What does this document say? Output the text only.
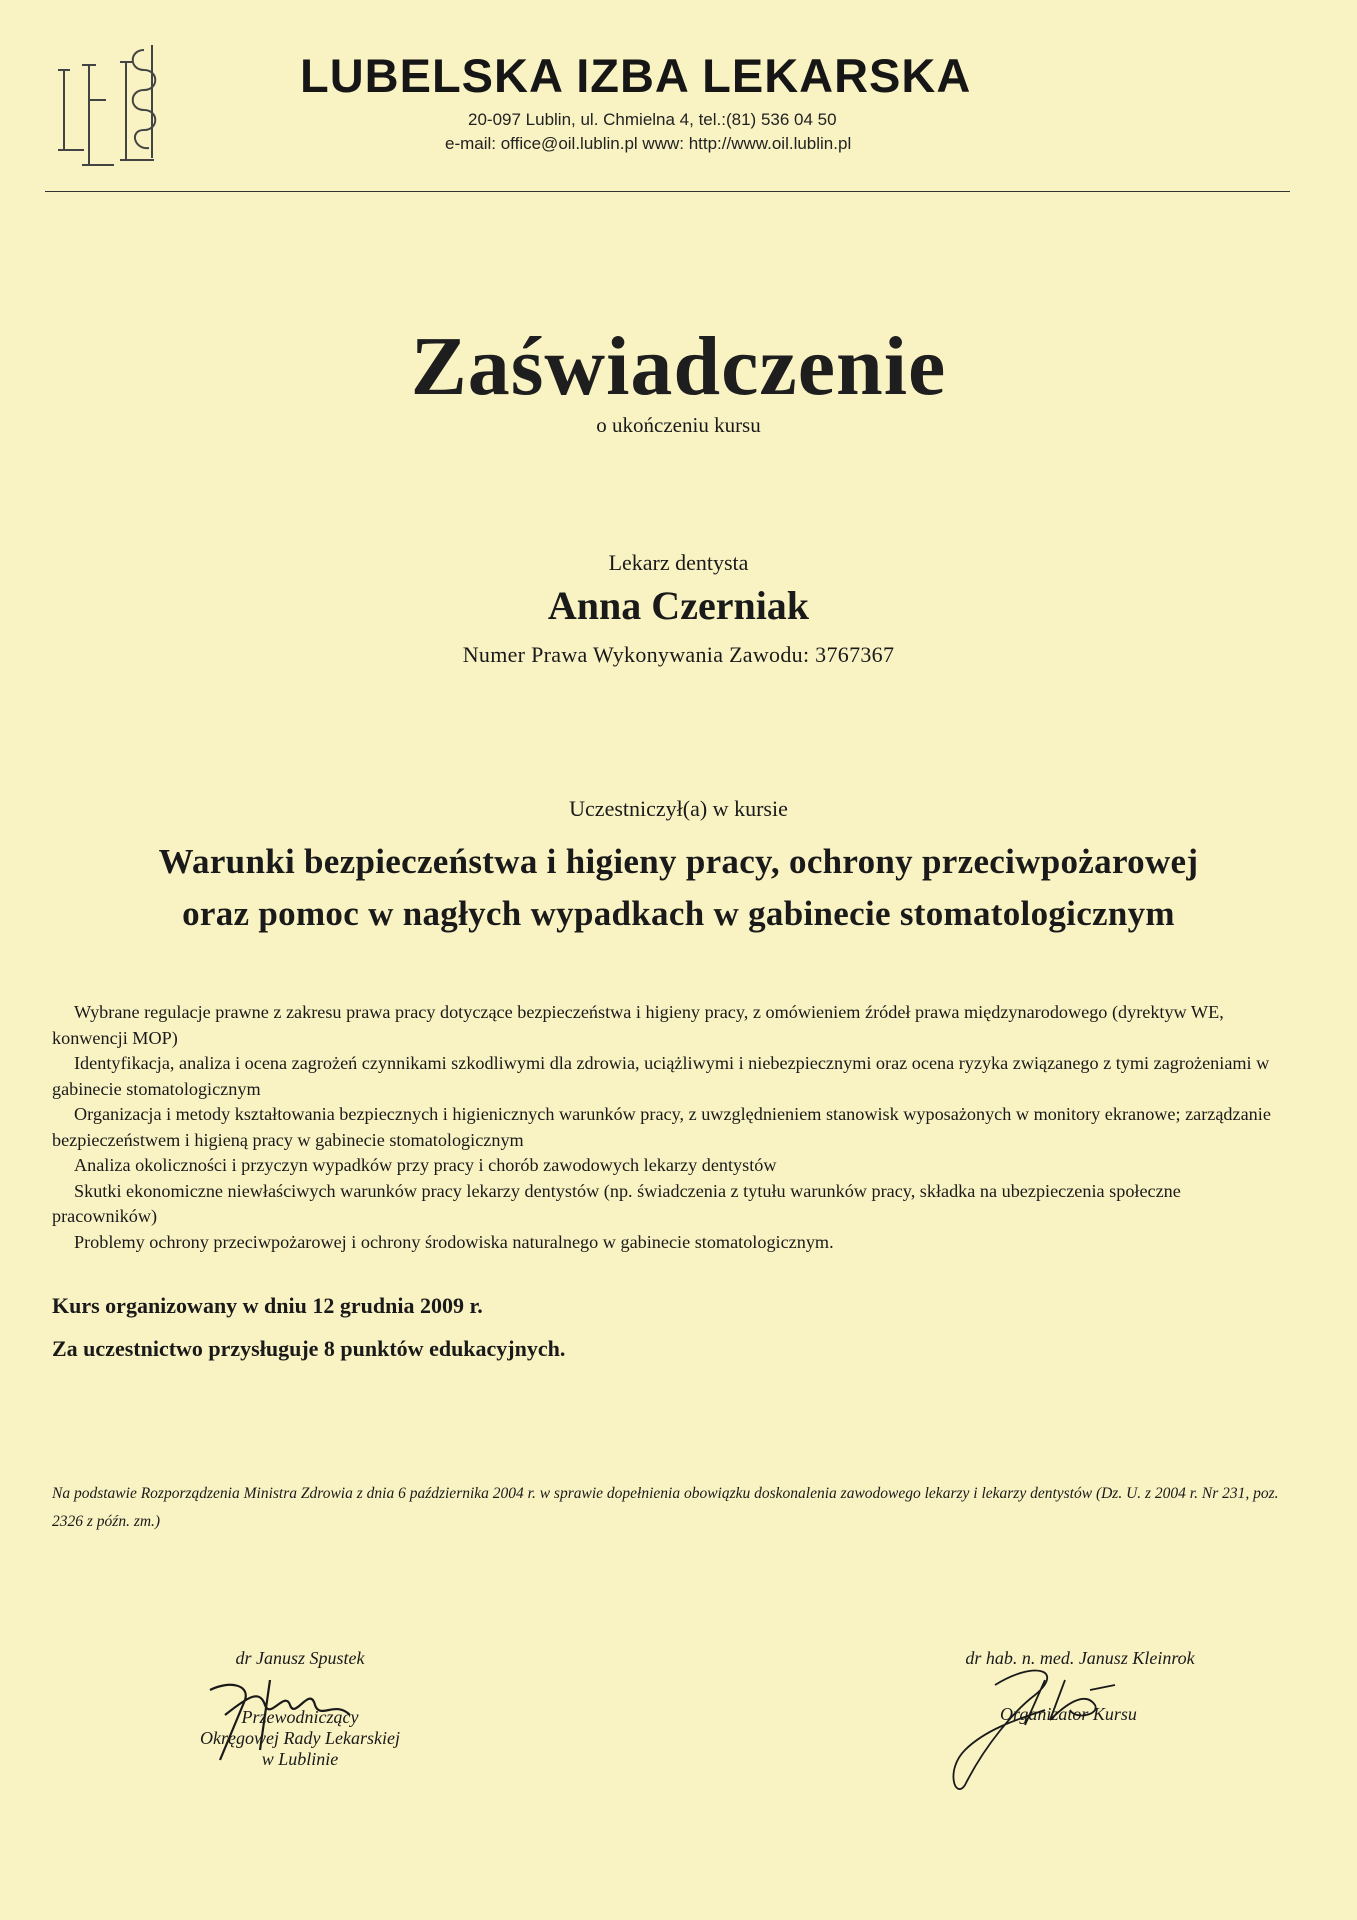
LUBELSKA IZBA LEKARSKA
20-097 Lublin, ul. Chmielna 4, tel.:(81) 536 04 50
e-mail: office@oil.lublin.pl www: http://www.oil.lublin.pl
Zaświadczenie
o ukończeniu kursu
Lekarz dentysta
Anna Czerniak
Numer Prawa Wykonywania Zawodu: 3767367
Uczestniczył(a) w kursie
Warunki bezpieczeństwa i higieny pracy, ochrony przeciwpożarowej
oraz pomoc w nagłych wypadkach w gabinecie stomatologicznym

Wybrane regulacje prawne z zakresu prawa pracy dotyczące bezpieczeństwa i higieny pracy, z omówieniem źródeł prawa międzynarodowego (dyrektyw WE, konwencji MOP)

Identyfikacja, analiza i ocena zagrożeń czynnikami szkodliwymi dla zdrowia, uciążliwymi i niebezpiecznymi oraz ocena ryzyka związanego z tymi zagrożeniami w gabinecie stomatologicznym

Organizacja i metody kształtowania bezpiecznych i higienicznych warunków pracy, z uwzględnieniem stanowisk wyposażonych w monitory ekranowe; zarządzanie bezpieczeństwem i higieną pracy w gabinecie stomatologicznym

Analiza okoliczności i przyczyn wypadków przy pracy i chorób zawodowych lekarzy dentystów

Skutki ekonomiczne niewłaściwych warunków pracy lekarzy dentystów (np. świadczenia z tytułu warunków pracy, składka na ubezpieczenia społeczne pracowników)

Problemy ochrony przeciwpożarowej i ochrony środowiska naturalnego w gabinecie stomatologicznym.

Kurs organizowany w dniu 12 grudnia 2009 r.
Za uczestnictwo przysługuje 8 punktów edukacyjnych.
Na podstawie Rozporządzenia Ministra Zdrowia z dnia 6 października 2004 r. w sprawie dopełnienia obowiązku doskonalenia zawodowego lekarzy i lekarzy dentystów (Dz. U. z 2004 r. Nr 231, poz. 2326 z późn. zm.)
dr Janusz Spustek
Przewodniczący
Okręgowej Rady Lekarskiej
w Lublinie
dr hab. n. med. Janusz Kleinrok
Organizator Kursu
